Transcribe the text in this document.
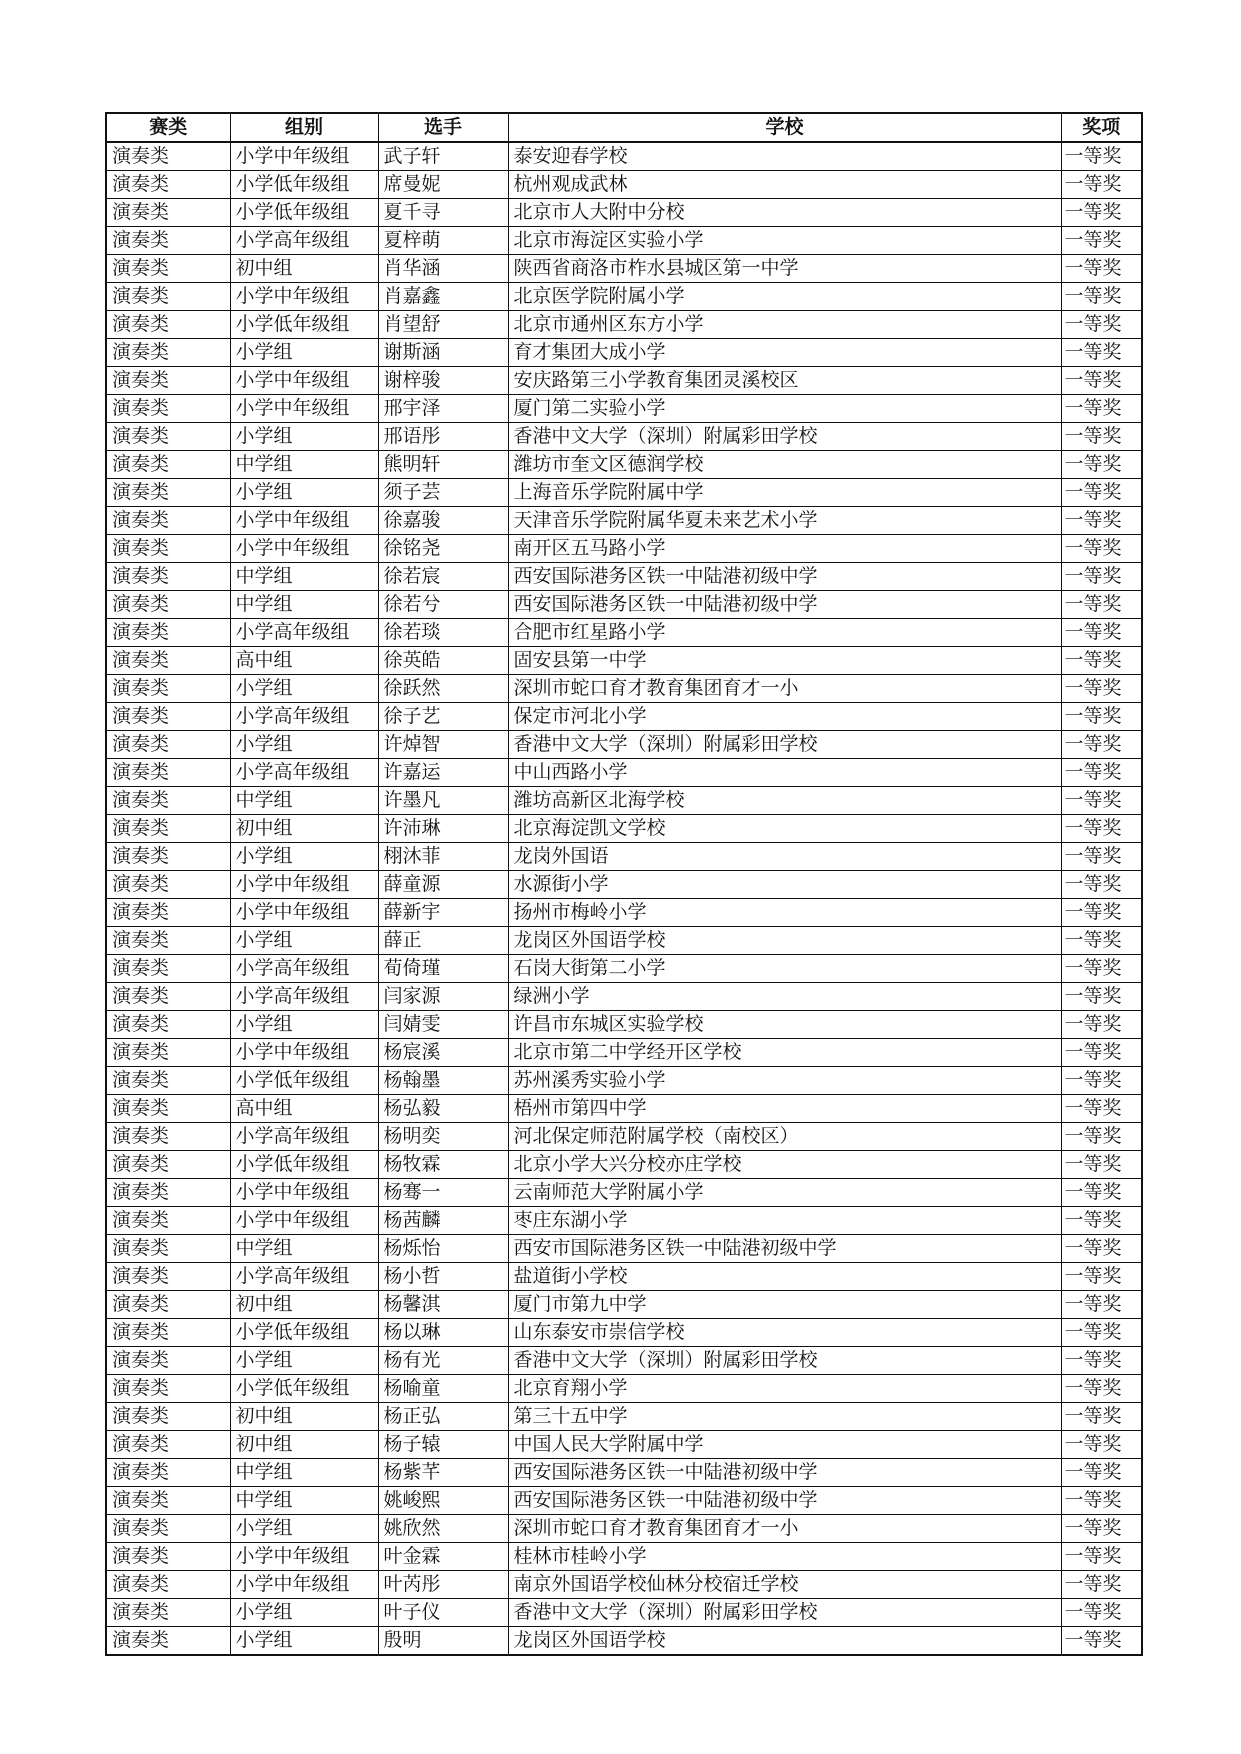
赛类	组别	选手	学校	奖项
演奏类	小学中年级组	武子轩	泰安迎春学校	一等奖
演奏类	小学低年级组	席曼妮	杭州观成武林	一等奖
演奏类	小学低年级组	夏千寻	北京市人大附中分校	一等奖
演奏类	小学高年级组	夏梓萌	北京市海淀区实验小学	一等奖
演奏类	初中组	肖华涵	陕西省商洛市柞水县城区第一中学	一等奖
演奏类	小学中年级组	肖嘉鑫	北京医学院附属小学	一等奖
演奏类	小学低年级组	肖望舒	北京市通州区东方小学	一等奖
演奏类	小学组	谢斯涵	育才集团大成小学	一等奖
演奏类	小学中年级组	谢梓骏	安庆路第三小学教育集团灵溪校区	一等奖
演奏类	小学中年级组	邢宇泽	厦门第二实验小学	一等奖
演奏类	小学组	邢语彤	香港中文大学（深圳）附属彩田学校	一等奖
演奏类	中学组	熊明轩	潍坊市奎文区德润学校	一等奖
演奏类	小学组	须子芸	上海音乐学院附属中学	一等奖
演奏类	小学中年级组	徐嘉骏	天津音乐学院附属华夏未来艺术小学	一等奖
演奏类	小学中年级组	徐铭尧	南开区五马路小学	一等奖
演奏类	中学组	徐若宸	西安国际港务区铁一中陆港初级中学	一等奖
演奏类	中学组	徐若兮	西安国际港务区铁一中陆港初级中学	一等奖
演奏类	小学高年级组	徐若琰	合肥市红星路小学	一等奖
演奏类	高中组	徐英皓	固安县第一中学	一等奖
演奏类	小学组	徐跃然	深圳市蛇口育才教育集团育才一小	一等奖
演奏类	小学高年级组	徐子艺	保定市河北小学	一等奖
演奏类	小学组	许焯智	香港中文大学（深圳）附属彩田学校	一等奖
演奏类	小学高年级组	许嘉运	中山西路小学	一等奖
演奏类	中学组	许墨凡	潍坊高新区北海学校	一等奖
演奏类	初中组	许沛琳	北京海淀凯文学校	一等奖
演奏类	小学组	栩沐菲	龙岗外国语	一等奖
演奏类	小学中年级组	薛童源	水源街小学	一等奖
演奏类	小学中年级组	薛新宇	扬州市梅岭小学	一等奖
演奏类	小学组	薛正	龙岗区外国语学校	一等奖
演奏类	小学高年级组	荀倚瑾	石岗大街第二小学	一等奖
演奏类	小学高年级组	闫家源	绿洲小学	一等奖
演奏类	小学组	闫婧雯	许昌市东城区实验学校	一等奖
演奏类	小学中年级组	杨宸溪	北京市第二中学经开区学校	一等奖
演奏类	小学低年级组	杨翰墨	苏州溪秀实验小学	一等奖
演奏类	高中组	杨弘毅	梧州市第四中学	一等奖
演奏类	小学高年级组	杨明奕	河北保定师范附属学校（南校区）	一等奖
演奏类	小学低年级组	杨牧霖	北京小学大兴分校亦庄学校	一等奖
演奏类	小学中年级组	杨骞一	云南师范大学附属小学	一等奖
演奏类	小学中年级组	杨茜麟	枣庄东湖小学	一等奖
演奏类	中学组	杨烁怡	西安市国际港务区铁一中陆港初级中学	一等奖
演奏类	小学高年级组	杨小哲	盐道街小学校	一等奖
演奏类	初中组	杨馨淇	厦门市第九中学	一等奖
演奏类	小学低年级组	杨以琳	山东泰安市崇信学校	一等奖
演奏类	小学组	杨有光	香港中文大学（深圳）附属彩田学校	一等奖
演奏类	小学低年级组	杨喻童	北京育翔小学	一等奖
演奏类	初中组	杨正弘	第三十五中学	一等奖
演奏类	初中组	杨子辕	中国人民大学附属中学	一等奖
演奏类	中学组	杨紫芊	西安国际港务区铁一中陆港初级中学	一等奖
演奏类	中学组	姚峻熙	西安国际港务区铁一中陆港初级中学	一等奖
演奏类	小学组	姚欣然	深圳市蛇口育才教育集团育才一小	一等奖
演奏类	小学中年级组	叶金霖	桂林市桂岭小学	一等奖
演奏类	小学中年级组	叶芮彤	南京外国语学校仙林分校宿迁学校	一等奖
演奏类	小学组	叶子仪	香港中文大学（深圳）附属彩田学校	一等奖
演奏类	小学组	殷明	龙岗区外国语学校	一等奖
